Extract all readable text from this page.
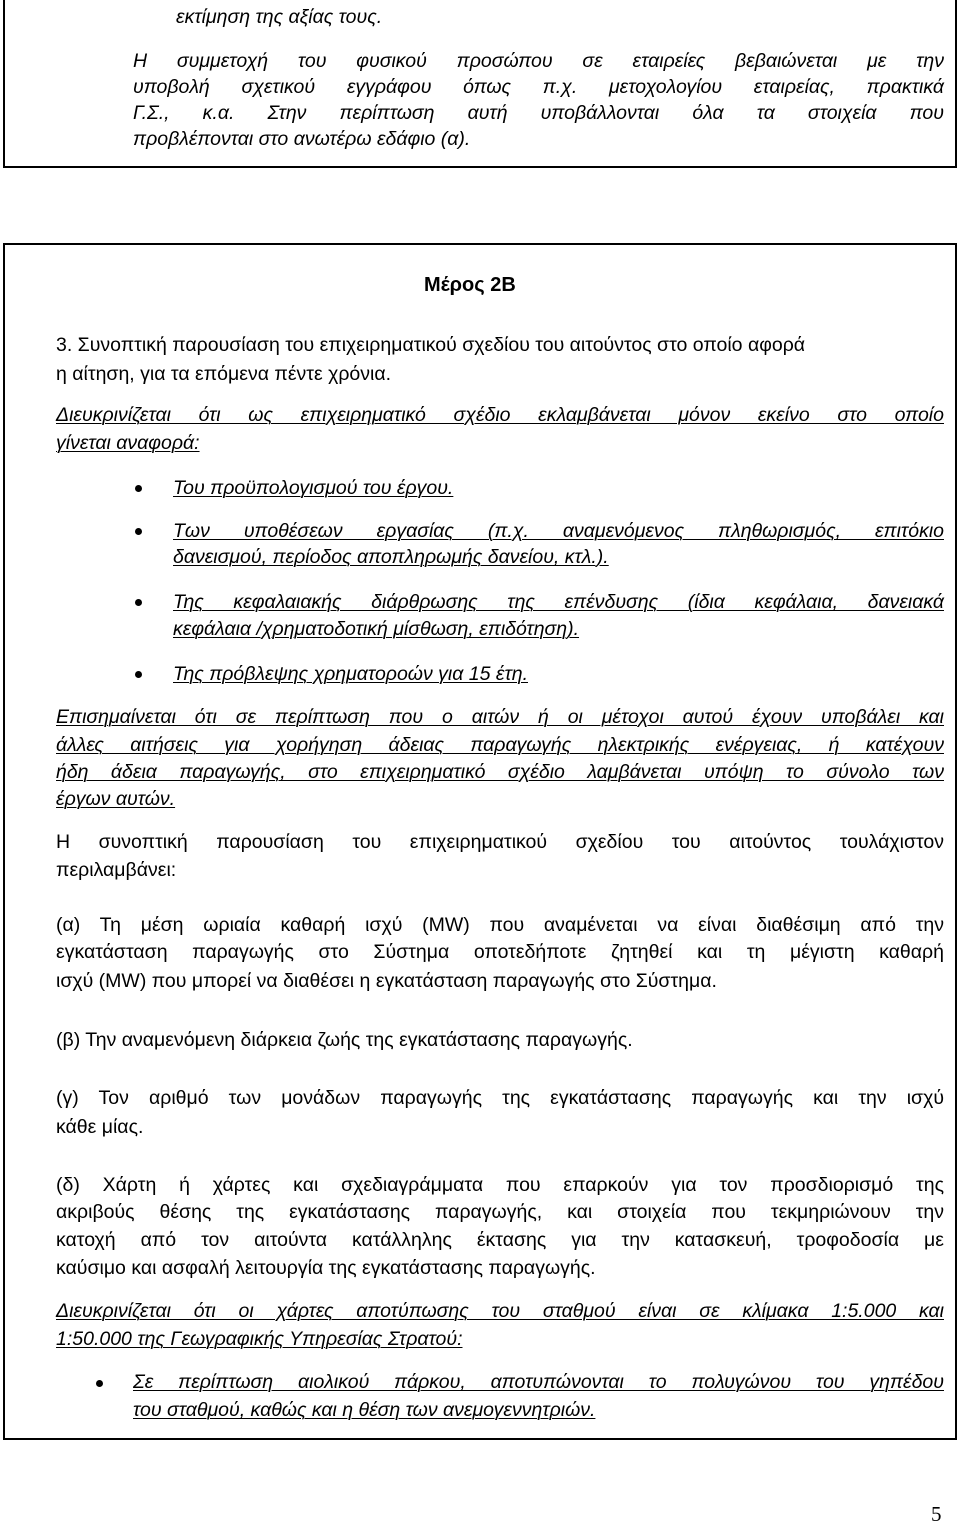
εκτίμηση της αξίας τους.
Η συμμετοχή του φυσικού προσώπου σε εταιρείες βεβαιώνεται με την
υποβολή σχετικού εγγράφου όπως π.χ. μετοχολογίου εταιρείας, πρακτικά
Γ.Σ., κ.α. Στην περίπτωση αυτή υποβάλλονται όλα τα στοιχεία που
προβλέπονται στο ανωτέρω εδάφιο (α).
Μέρος 2Β
3. Συνοπτική παρουσίαση του επιχειρηματικού σχεδίου του αιτούντος στο οποίο αφορά
η αίτηση, για τα επόμενα πέντε χρόνια.
Διευκρινίζεται ότι ως επιχειρηματικό σχέδιο εκλαμβάνεται μόνον εκείνο στο οποίο
γίνεται αναφορά:
Του προϋπολογισμού του έργου.
Των υποθέσεων εργασίας (π.χ. αναμενόμενος πληθωρισμός, επιτόκιο
δανεισμού, περίοδος αποπληρωμής δανείου, κτλ.).
Της κεφαλαιακής διάρθρωσης της επένδυσης (ίδια κεφάλαια, δανειακά
κεφάλαια /χρηματοδοτική μίσθωση, επιδότηση).
Της πρόβλεψης χρηματοροών για 15 έτη.
Επισημαίνεται ότι σε περίπτωση που ο αιτών ή οι μέτοχοι αυτού έχουν υποβάλει και
άλλες αιτήσεις για χορήγηση άδειας παραγωγής ηλεκτρικής ενέργειας, ή κατέχουν
ήδη άδεια παραγωγής, στο επιχειρηματικό σχέδιο λαμβάνεται υπόψη το σύνολο των
έργων αυτών.
Η συνοπτική παρουσίαση του επιχειρηματικού σχεδίου του αιτούντος τουλάχιστον
περιλαμβάνει:
(α) Τη μέση ωριαία καθαρή ισχύ (MW) που αναμένεται να είναι διαθέσιμη από την
εγκατάσταση παραγωγής στο Σύστημα οποτεδήποτε ζητηθεί και τη μέγιστη καθαρή
ισχύ (MW) που μπορεί να διαθέσει η εγκατάσταση παραγωγής στο Σύστημα.
(β) Την αναμενόμενη διάρκεια ζωής της εγκατάστασης παραγωγής.
(γ) Τον αριθμό των μονάδων παραγωγής της εγκατάστασης παραγωγής και την ισχύ
κάθε μίας.
(δ) Χάρτη ή χάρτες και σχεδιαγράμματα που επαρκούν για τον προσδιορισμό της
ακριβούς θέσης της εγκατάστασης παραγωγής, και στοιχεία που τεκμηριώνουν την
κατοχή από τον αιτούντα κατάλληλης έκτασης για την κατασκευή, τροφοδοσία με
καύσιμο και ασφαλή λειτουργία της εγκατάστασης παραγωγής.
Διευκρινίζεται ότι οι χάρτες αποτύπωσης του σταθμού είναι σε κλίμακα 1:5.000 και
1:50.000 της Γεωγραφικής Υπηρεσίας Στρατού:
Σε περίπτωση αιολικού πάρκου, αποτυπώνονται το πολυγώνου του γηπέδου
του σταθμού, καθώς και η θέση των ανεμογεννητριών.
5
